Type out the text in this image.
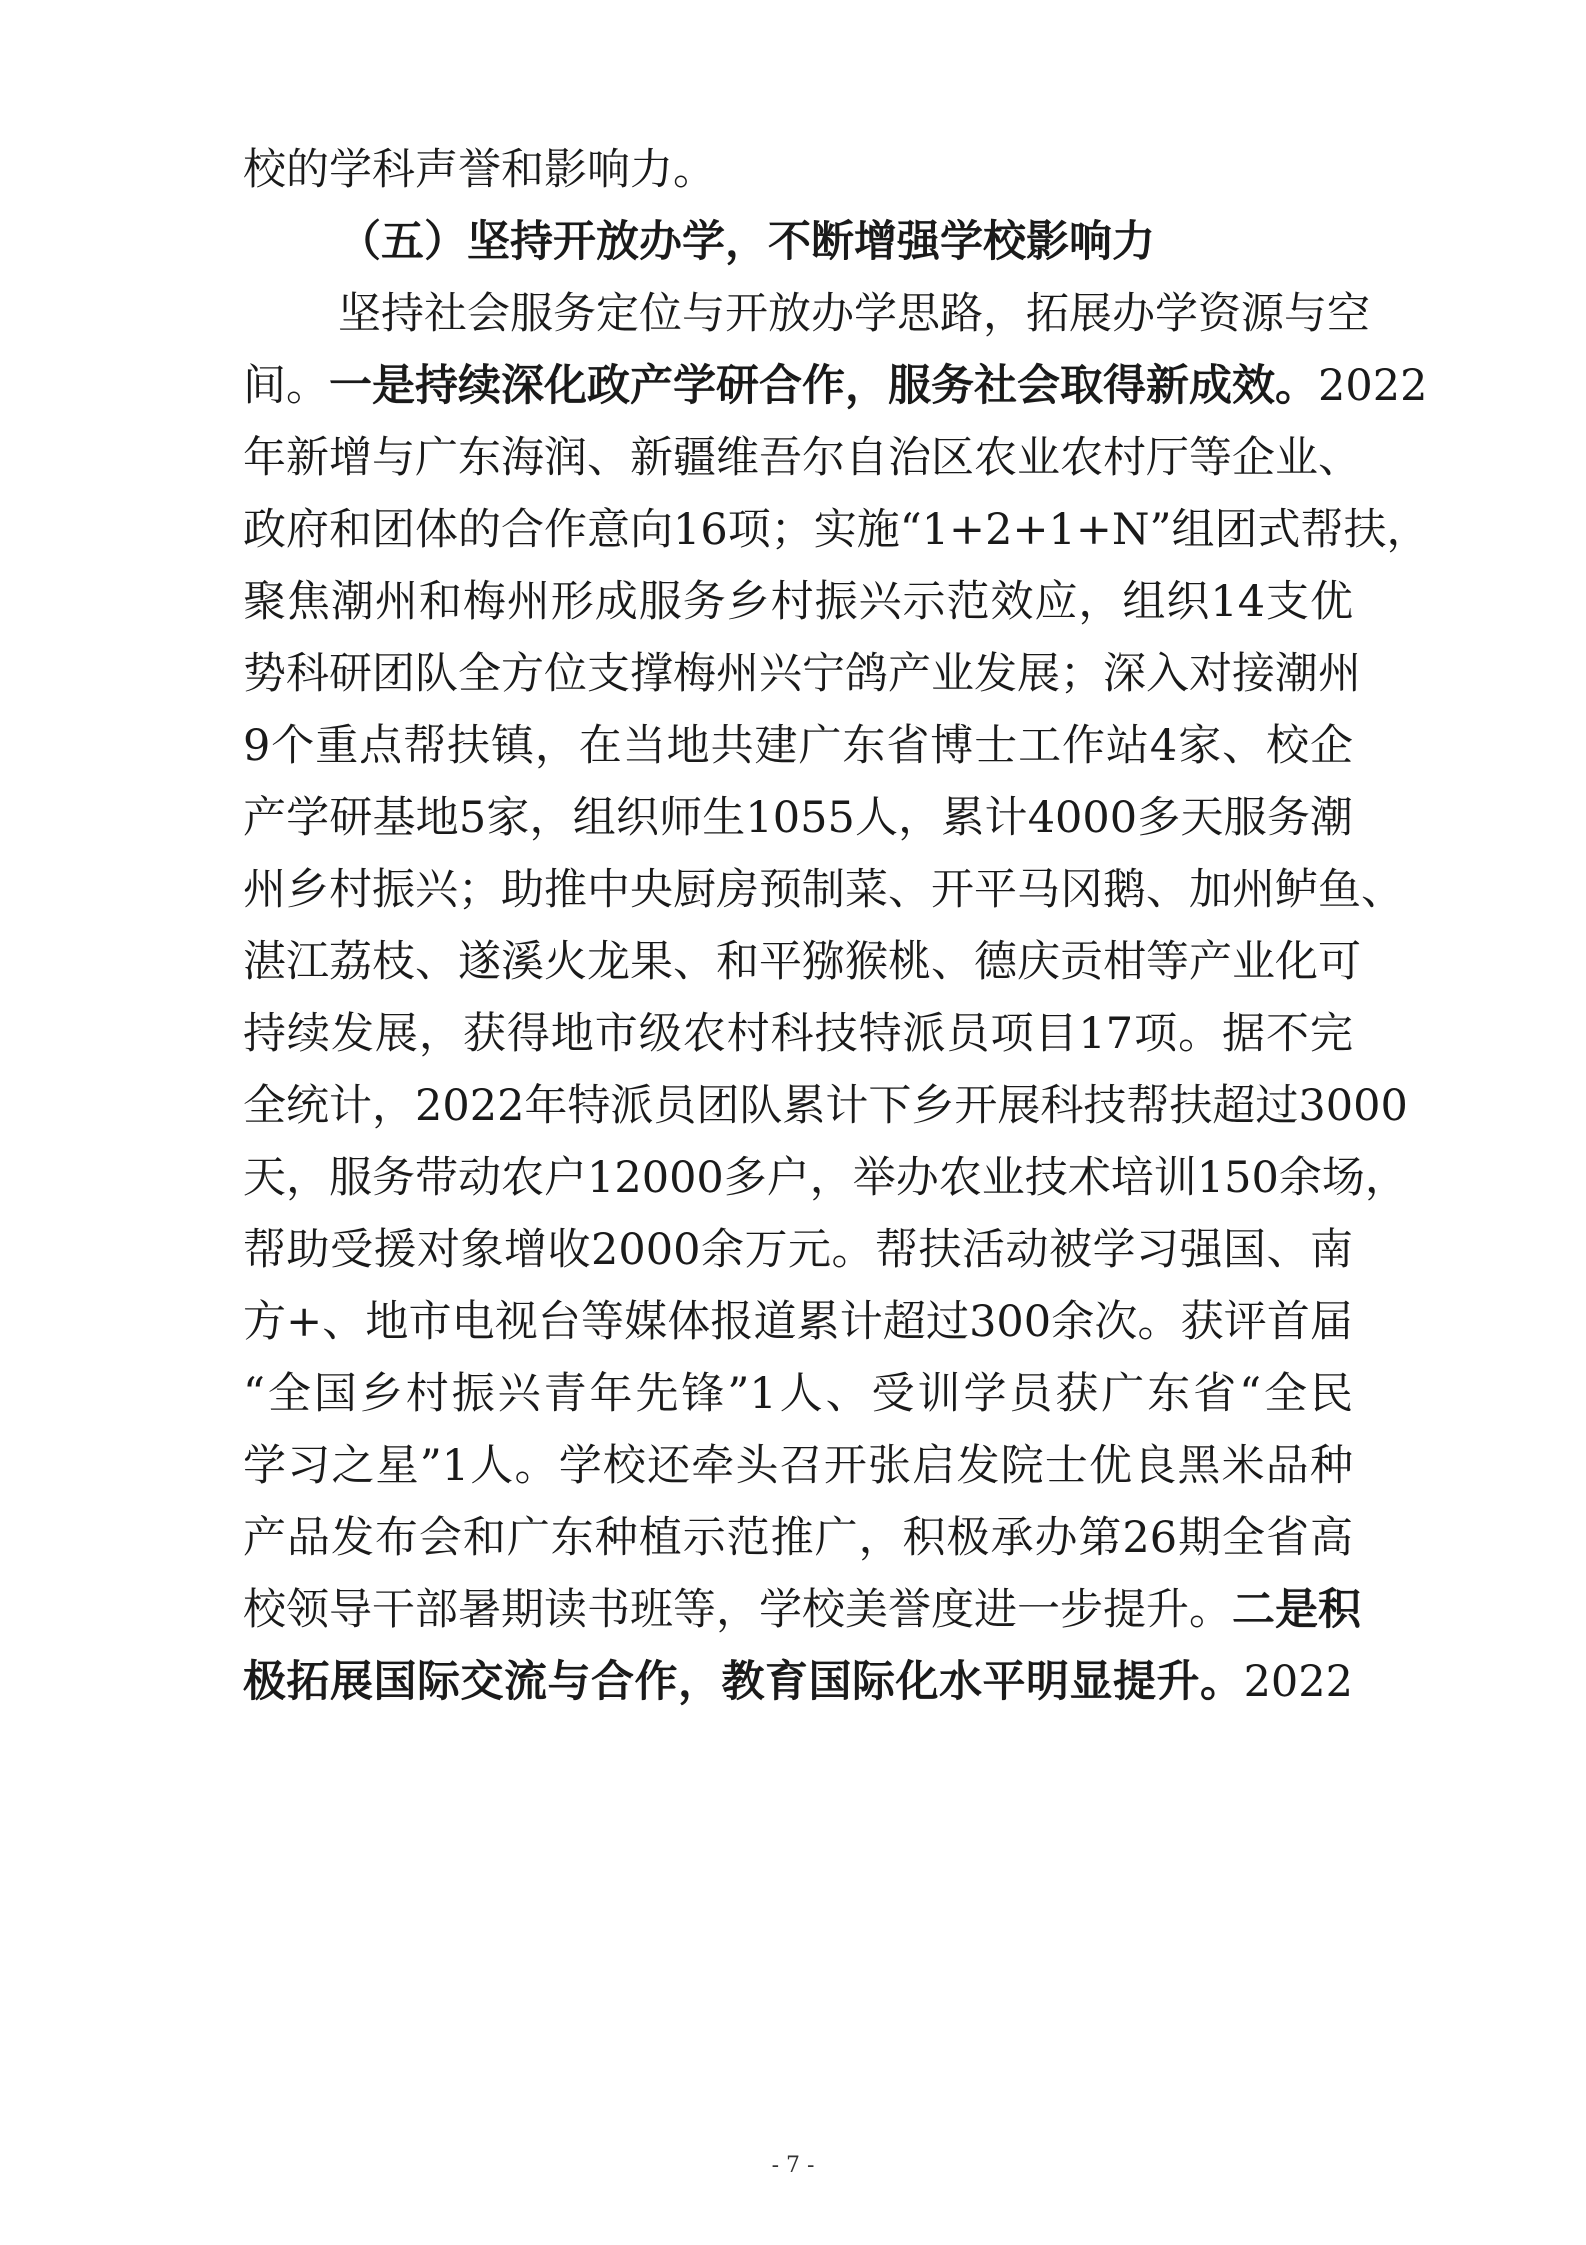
校的学科声誉和影响力。
（五）坚持开放办学，不断增强学校影响力
坚持社会服务定位与开放办学思路，拓展办学资源与空
间。一是持续深化政产学研合作，服务社会取得新成效。2022
年新增与广东海润、新疆维吾尔自治区农业农村厅等企业、
政府和团体的合作意向16项；实施“1+2+1+N”组团式帮扶，
聚焦潮州和梅州形成服务乡村振兴示范效应，组织14支优
势科研团队全方位支撑梅州兴宁鸽产业发展；深入对接潮州
9个重点帮扶镇，在当地共建广东省博士工作站4家、校企
产学研基地5家，组织师生1055人，累计4000多天服务潮
州乡村振兴；助推中央厨房预制菜、开平马冈鹅、加州鲈鱼、
湛江荔枝、遂溪火龙果、和平猕猴桃、德庆贡柑等产业化可
持续发展，获得地市级农村科技特派员项目17项。据不完
全统计，2022年特派员团队累计下乡开展科技帮扶超过3000
天，服务带动农户12000多户，举办农业技术培训150余场，
帮助受援对象增收2000余万元。帮扶活动被学习强国、南
方+、地市电视台等媒体报道累计超过300余次。获评首届
“全国乡村振兴青年先锋”1人、受训学员获广东省“全民
学习之星”1人。学校还牵头召开张启发院士优良黑米品种
产品发布会和广东种植示范推广，积极承办第26期全省高
校领导干部暑期读书班等，学校美誉度进一步提升。二是积
极拓展国际交流与合作，教育国际化水平明显提升。2022
- 7 -
